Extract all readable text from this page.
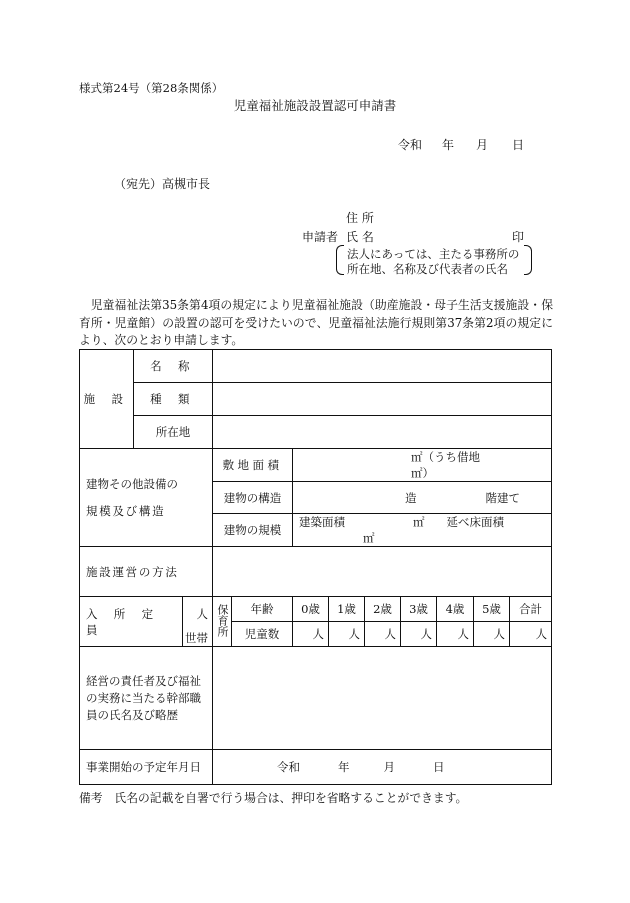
様式第24号（第28条関係）
児童福祉施設設置認可申請書
令和 年 月 日
（宛先）高槻市長
住 所
申請者 氏 名	印
法人にあっては、主たる事務所の
所在地、名称及び代表者の氏名
児童福祉法第35条第4項の規定により児童福祉施設（助産施設・母子生活支援施設・保育所・児童館）の設置の認可を受けたいので、児童福祉法施行規則第37条第2項の規定により、次のとおり申請します。
施 設	名 称										
	種 類										
	所在地										

建物その他設備の
規模及び構造			敷地面積		㎡（うち借地　　　　　　㎡）						
			建物の構造		造　　　　　　階建て						
			建物の規模		建築面積 ㎡ 延べ床面積㎡						
施設運営の方法											
入 所 定 員		人	保育所	年齢	0歳	1歳	2歳	3歳	4歳	5歳	合計
		世帯		児童数	人	人	人	人	人	人	人
経営の責任者及び福祉の実務に当たる幹部職員の氏名及び略歴											
事業開始の予定年月日			令和 年 月 日								
備考　氏名の記載を自署で行う場合は、押印を省略することができます。
